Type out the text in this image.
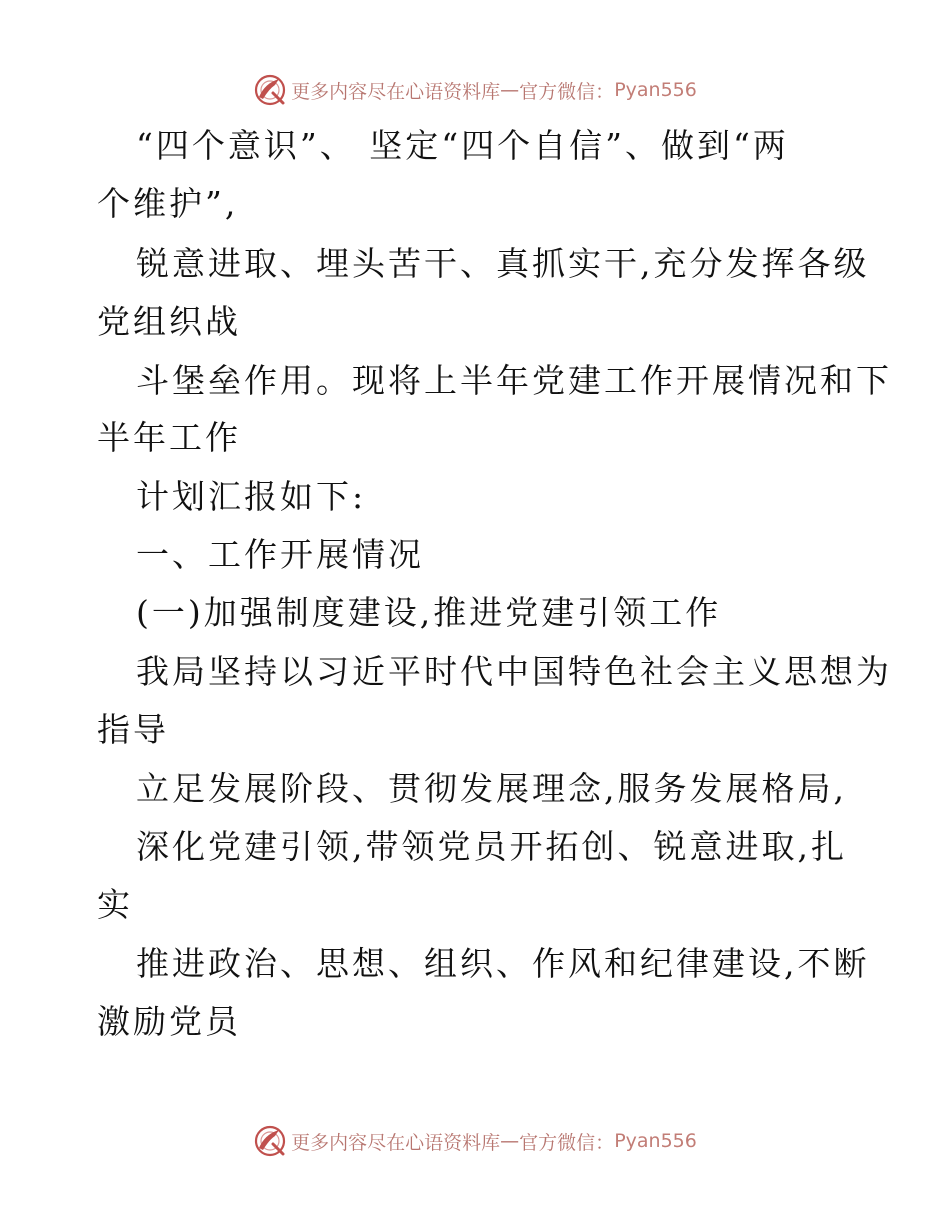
更多内容尽在心语资料库 — 官方微信： Pyan556
“四个意识”、 坚定“四个自信”、做到“两
个维护”,
锐意进取、埋头苦干、真抓实干,充分发挥各级
党组织战
斗堡垒作用。现将上半年党建工作开展情况和下
半年工作
计划汇报如下:
一、工作开展情况
(一)加强制度建设,推进党建引领工作
我局坚持以习近平时代中国特色社会主义思想为
指导
立足发展阶段、贯彻发展理念,服务发展格局,
深化党建引领,带领党员开拓创、锐意进取,扎
实
推进政治、思想、组织、作风和纪律建设,不断
激励党员
更多内容尽在心语资料库 — 官方微信： Pyan556
